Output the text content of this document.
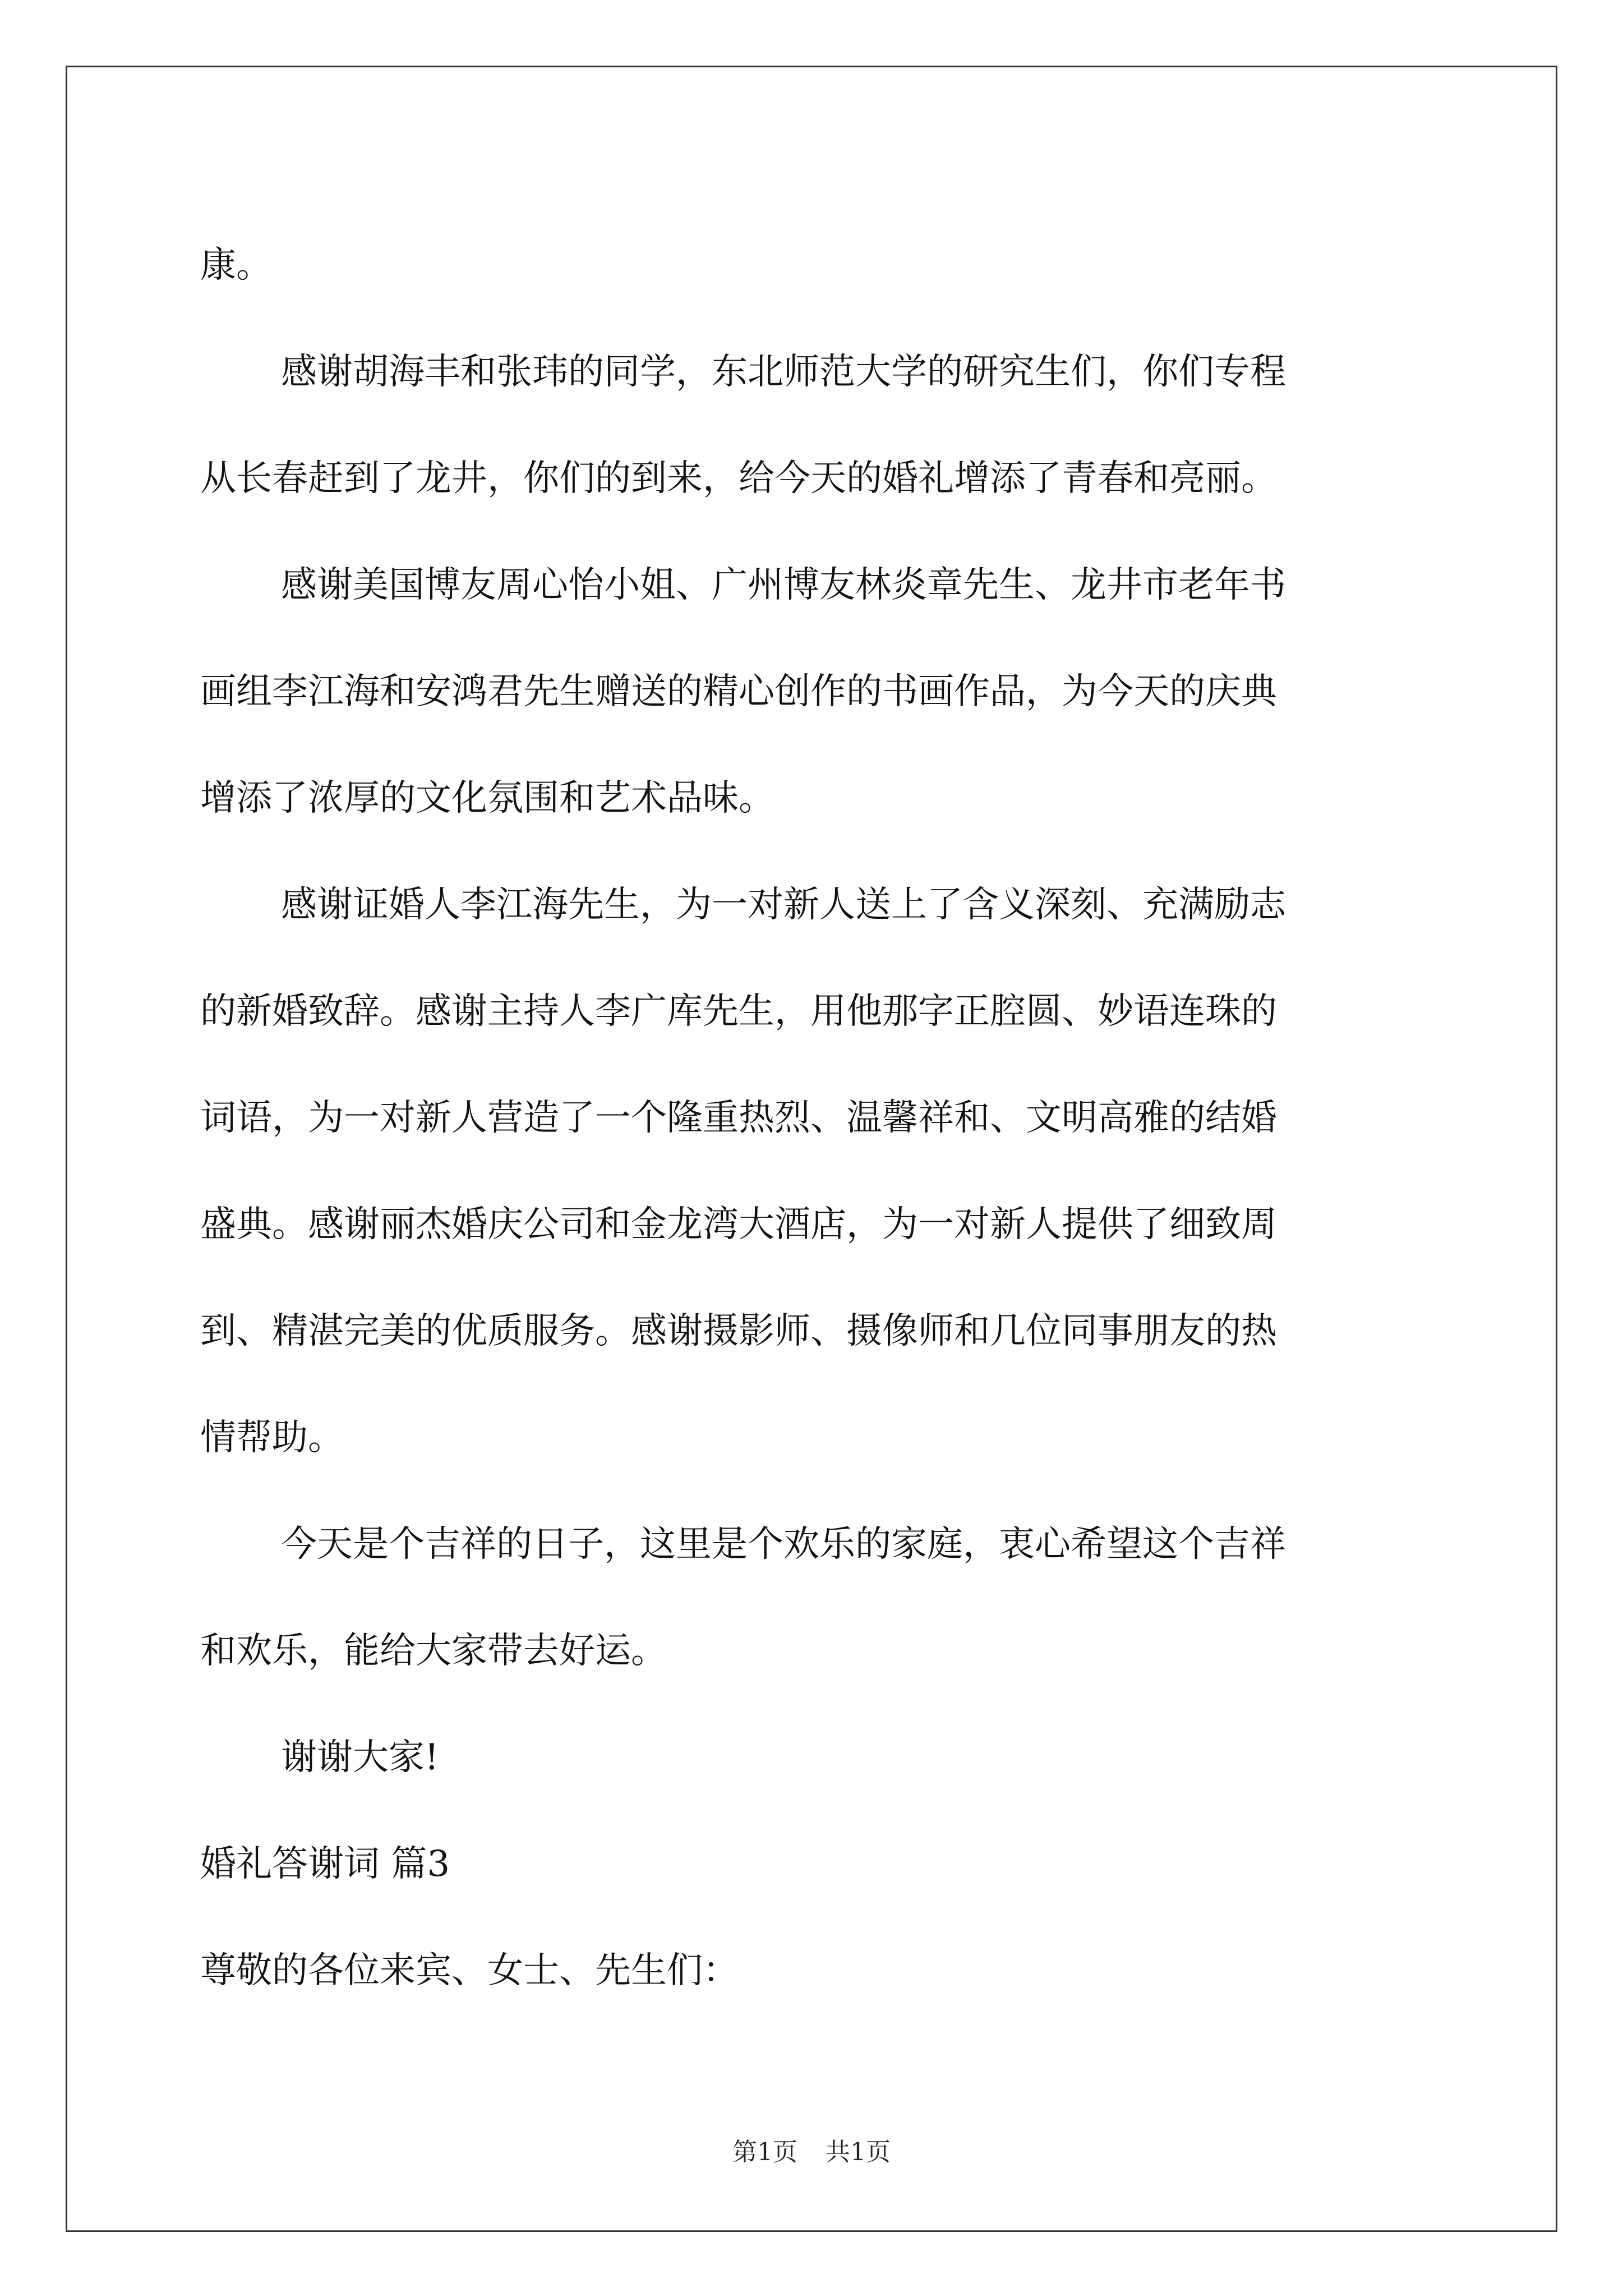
康。
感谢胡海丰和张玮的同学，东北师范大学的研究生们，你们专程
从长春赶到了龙井，你们的到来，给今天的婚礼增添了青春和亮丽。
感谢美国博友周心怡小姐、广州博友林炎章先生、龙井市老年书
画组李江海和安鸿君先生赠送的精心创作的书画作品，为今天的庆典
增添了浓厚的文化氛围和艺术品味。
感谢证婚人李江海先生，为一对新人送上了含义深刻、充满励志
的新婚致辞。感谢主持人李广库先生，用他那字正腔圆、妙语连珠的
词语，为一对新人营造了一个隆重热烈、温馨祥和、文明高雅的结婚
盛典。感谢丽杰婚庆公司和金龙湾大酒店，为一对新人提供了细致周
到、精湛完美的优质服务。感谢摄影师、摄像师和几位同事朋友的热
情帮助。
今天是个吉祥的日子，这里是个欢乐的家庭，衷心希望这个吉祥
和欢乐，能给大家带去好运。
谢谢大家!
婚礼答谢词 篇3
尊敬的各位来宾、女士、先生们：
第1页 共1页
